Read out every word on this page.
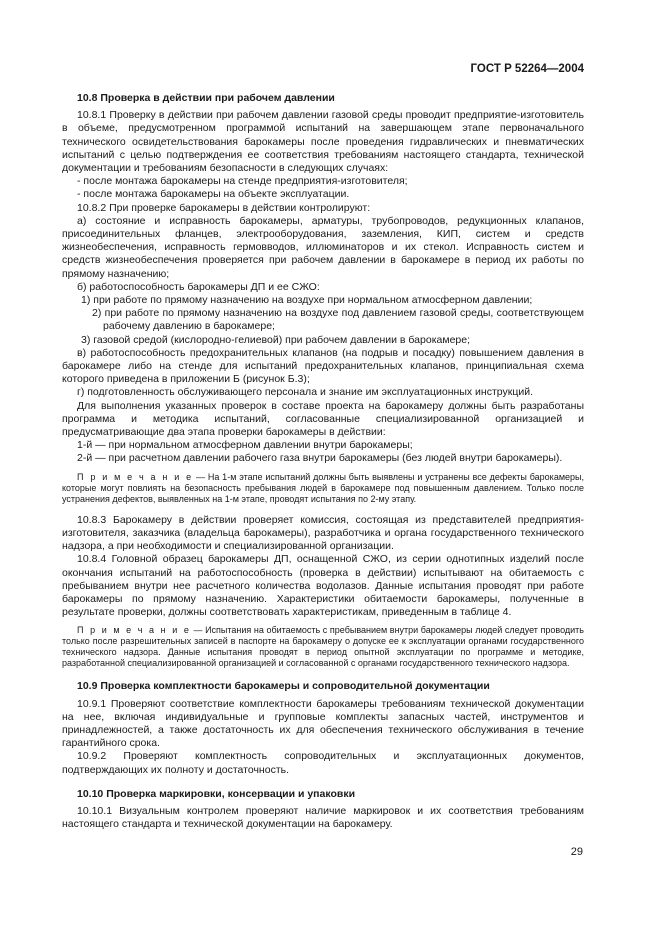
ГОСТ Р 52264—2004
10.8 Проверка в действии при рабочем давлении

10.8.1 Проверку в действии при рабочем давлении газовой среды проводит предприятие-изготовитель в объеме, предусмотренном программой испытаний на завершающем этапе первоначального технического освидетельствования барокамеры после проведения гидравлических и пневматических испытаний с целью подтверждения ее соответствия требованиям настоящего стандарта, технической документации и требованиям безопасности в следующих случаях:

- после монтажа барокамеры на стенде предприятия-изготовителя;

- после монтажа барокамеры на объекте эксплуатации.

10.8.2 При проверке барокамеры в действии контролируют:

а) состояние и исправность барокамеры, арматуры, трубопроводов, редукционных клапанов, присоединительных фланцев, электрооборудования, заземления, КИП, систем и средств жизнеобеспечения, исправность гермовводов, иллюминаторов и их стекол. Исправность систем и средств жизнеобеспечения проверяется при рабочем давлении в барокамере в период их работы по прямому назначению;

б) работоспособность барокамеры ДП и ее СЖО:

1) при работе по прямому назначению на воздухе при нормальном атмосферном давлении;

2) при работе по прямому назначению на воздухе под давлением газовой среды, соответствующем рабочему давлению в барокамере;

3) газовой средой (кислородно-гелиевой) при рабочем давлении в барокамере;

в) работоспособность предохранительных клапанов (на подрыв и посадку) повышением давления в барокамере либо на стенде для испытаний предохранительных клапанов, принципиальная схема которого приведена в приложении Б (рисунок Б.3);

г) подготовленность обслуживающего персонала и знание им эксплуатационных инструкций.

Для выполнения указанных проверок в составе проекта на барокамеру должны быть разработаны программа и методика испытаний, согласованные специализированной организацией и предусматривающие два этапа проверки барокамеры в действии:

1-й — при нормальном атмосферном давлении внутри барокамеры;

2-й — при расчетном давлении рабочего газа внутри барокамеры (без людей внутри барокамеры).

П р и м е ч а н и е — На 1-м этапе испытаний должны быть выявлены и устранены все дефекты барокамеры, которые могут повлиять на безопасность пребывания людей в барокамере под повышенным давлением. Только после устранения дефектов, выявленных на 1-м этапе, проводят испытания по 2-му этапу.

10.8.3 Барокамеру в действии проверяет комиссия, состоящая из представителей предприятия-изготовителя, заказчика (владельца барокамеры), разработчика и органа государственного технического надзора, а при необходимости и специализированной организации.

10.8.4 Головной образец барокамеры ДП, оснащенной СЖО, из серии однотипных изделий после окончания испытаний на работоспособность (проверка в действии) испытывают на обитаемость с пребыванием внутри нее расчетного количества водолазов. Данные испытания проводят при работе барокамеры по прямому назначению. Характеристики обитаемости барокамеры, полученные в результате проверки, должны соответствовать характеристикам, приведенным в таблице 4.

П р и м е ч а н и е — Испытания на обитаемость с пребыванием внутри барокамеры людей следует проводить только после разрешительных записей в паспорте на барокамеру о допуске ее к эксплуатации органами государственного технического надзора. Данные испытания проводят в период опытной эксплуатации по программе и методике, разработанной специализированной организацией и согласованной с органами государственного технического надзора.

10.9 Проверка комплектности барокамеры и сопроводительной документации

10.9.1 Проверяют соответствие комплектности барокамеры требованиям технической документации на нее, включая индивидуальные и групповые комплекты запасных частей, инструментов и принадлежностей, а также достаточность их для обеспечения технического обслуживания в течение гарантийного срока.

10.9.2 Проверяют комплектность сопроводительных и эксплуатационных документов, подтверждающих их полноту и достаточность.

10.10 Проверка маркировки, консервации и упаковки

10.10.1 Визуальным контролем проверяют наличие маркировок и их соответствия требованиям настоящего стандарта и технической документации на барокамеру.

29
